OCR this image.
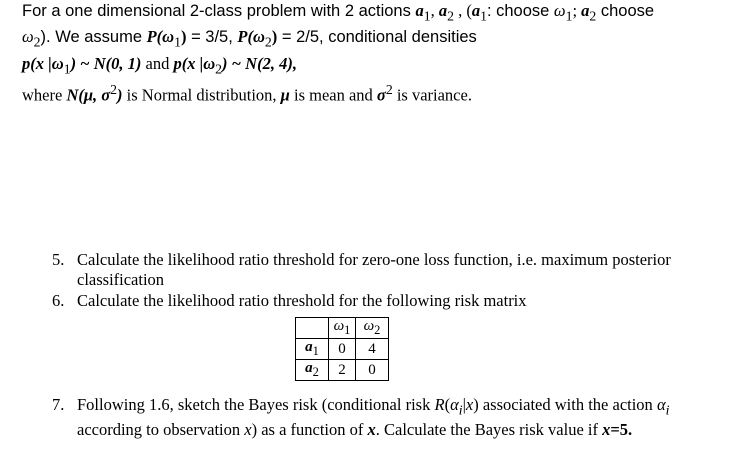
For a one dimensional 2-class problem with 2 actions $a_1$, $a_2$ , ($a_1$: choose $\omega_1$; $a_2$ choose
$\omega_2$). We assume $P(\omega_1) = 3/5$, $P(\omega_2) = 2/5$, conditional densities
p(x $|\omega_1$) ~ N(0, 1) and p(x $|\omega_2$) ~ N(2, 4),
where N(μ, $\sigma^2$) is Normal distribution, μ is mean and $\sigma^2$ is variance.
5. Calculate the likelihood ratio threshold for zero-one loss function, i.e. maximum posterior classification
6. Calculate the likelihood ratio threshold for the following risk matrix
	$\omega_1$	$\omega_2$
$a_1$	0	4
$a_2$	2	0
7. Following 1.6, sketch the Bayes risk (conditional risk $R(\alpha_i|x)$ associated with the action $\alpha_i$ according to observation x) as a function of x. Calculate the Bayes risk value if x=5.
